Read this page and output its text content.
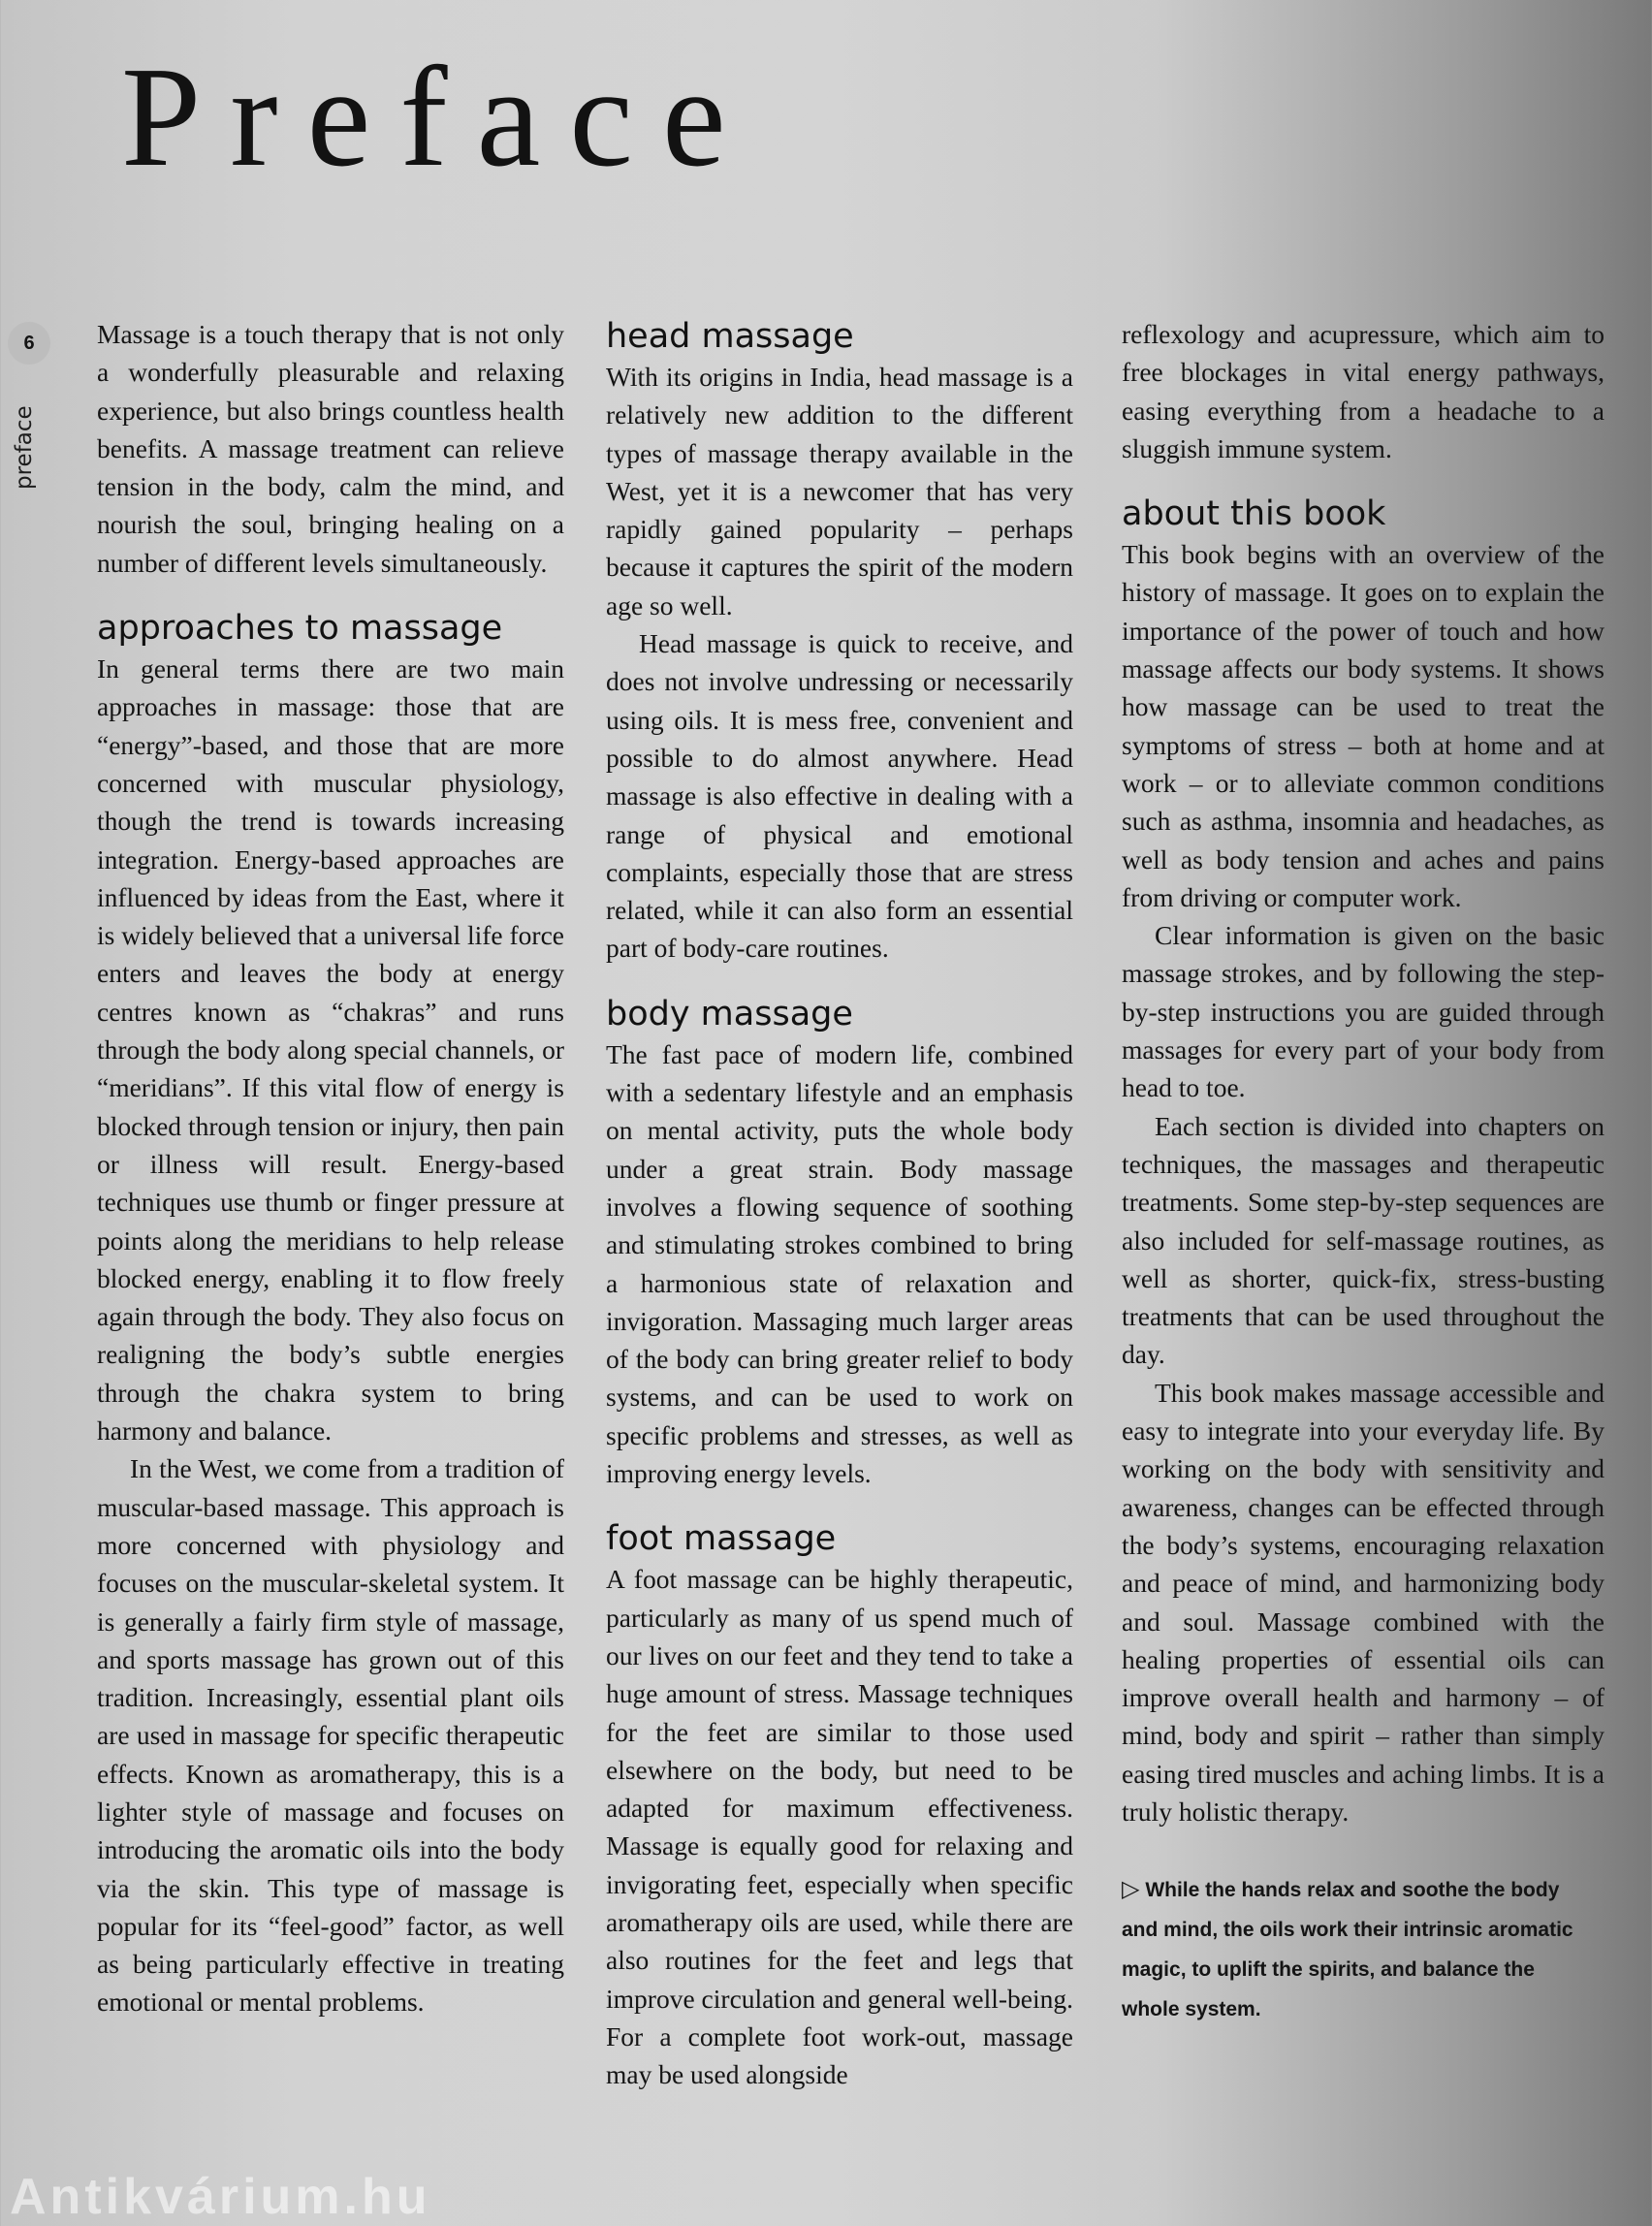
Preface
6
preface

Massage is a touch therapy that is not only a wonderfully pleasurable and relaxing experience, but also brings countless health benefits. A massage treatment can relieve tension in the body, calm the mind, and nourish the soul, bringing healing on a number of different levels simultaneously.

approaches to massage

In general terms there are two main approaches in massage: those that are “energy”-based, and those that are more concerned with muscular physiology, though the trend is towards increasing integration. Energy-based approaches are influenced by ideas from the East, where it is widely believed that a universal life force enters and leaves the body at energy centres known as “chakras” and runs through the body along special channels, or “meridians”. If this vital flow of energy is blocked through tension or injury, then pain or illness will result. Energy-based techniques use thumb or finger pressure at points along the meridians to help release blocked energy, enabling it to flow freely again through the body. They also focus on realigning the body’s subtle energies through the chakra system to bring harmony and balance.

In the West, we come from a tradition of muscular-based massage. This approach is more concerned with physiology and focuses on the muscular-skeletal system. It is generally a fairly firm style of massage, and sports massage has grown out of this tradition. Increasingly, essential plant oils are used in massage for specific therapeutic effects. Known as aromatherapy, this is a lighter style of massage and focuses on introducing the aromatic oils into the body via the skin. This type of massage is popular for its “feel-good” factor, as well as being particularly effective in treating emotional or mental problems.

head massage

With its origins in India, head massage is a relatively new addition to the different types of massage therapy available in the West, yet it is a newcomer that has very rapidly gained popularity – perhaps because it captures the spirit of the modern age so well.

Head massage is quick to receive, and does not involve undressing or necessarily using oils. It is mess free, convenient and possible to do almost anywhere. Head massage is also effective in dealing with a range of physical and emotional complaints, especially those that are stress related, while it can also form an essential part of body-care routines.

body massage

The fast pace of modern life, combined with a sedentary lifestyle and an emphasis on mental activity, puts the whole body under a great strain. Body massage involves a flowing sequence of soothing and stimulating strokes combined to bring a harmonious state of relaxation and invigoration. Massaging much larger areas of the body can bring greater relief to body systems, and can be used to work on specific problems and stresses, as well as improving energy levels.

foot massage

A foot massage can be highly therapeutic, particularly as many of us spend much of our lives on our feet and they tend to take a huge amount of stress. Massage techniques for the feet are similar to those used elsewhere on the body, but need to be adapted for maximum effectiveness. Massage is equally good for relaxing and invigorating feet, especially when specific aromatherapy oils are used, while there are also routines for the feet and legs that improve circulation and general well-being. For a complete foot work-out, massage may be used alongside

reflexology and acupressure, which aim to free blockages in vital energy pathways, easing everything from a headache to a sluggish immune system.

about this book

This book begins with an overview of the history of massage. It goes on to explain the importance of the power of touch and how massage affects our body systems. It shows how massage can be used to treat the symptoms of stress – both at home and at work – or to alleviate common conditions such as asthma, insomnia and headaches, as well as body tension and aches and pains from driving or computer work.

Clear information is given on the basic massage strokes, and by following the step-by-step instructions you are guided through massages for every part of your body from head to toe.

Each section is divided into chapters on techniques, the massages and therapeutic treatments. Some step-by-step sequences are also included for self-massage routines, as well as shorter, quick-fix, stress-busting treatments that can be used throughout the day.

This book makes massage accessible and easy to integrate into your everyday life. By working on the body with sensitivity and awareness, changes can be effected through the body’s systems, encouraging relaxation and peace of mind, and harmonizing body and soul. Massage combined with the healing properties of essential oils can improve overall health and harmony – of mind, body and spirit – rather than simply easing tired muscles and aching limbs. It is a truly holistic therapy.

▷ While the hands relax and soothe the body and mind, the oils work their intrinsic aromatic magic, to uplift the spirits, and balance the whole system.
Antikvárium.hu
